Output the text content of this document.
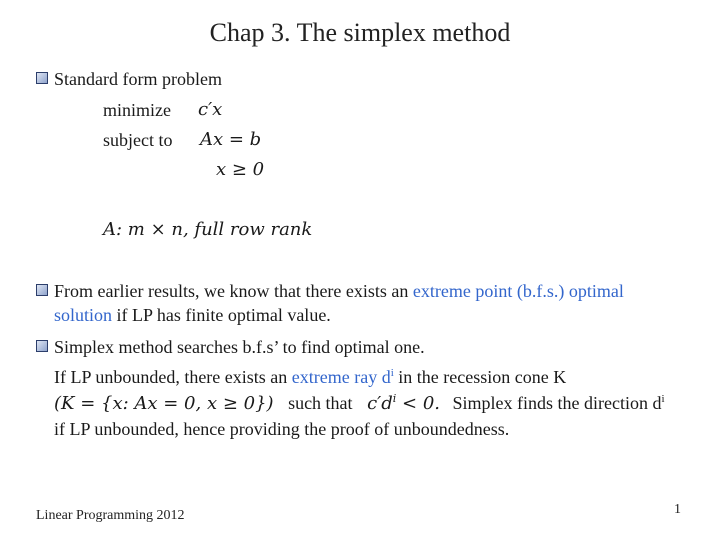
Chap 3. The simplex method
Standard form problem
minimize c′x
subject to Ax = b
x ≥ 0
A: m × n, full row rank
From earlier results, we know that there exists an extreme point (b.f.s.) optimal
solution if LP has finite optimal value.
Simplex method searches b.f.s’ to find optimal one.
If LP unbounded, there exists an extreme ray $d^i$ in the recession cone K
(K = {x: Ax = 0, x ≥ 0}) such that $c'd^i < 0$. Simplex finds the direction $d^i$
if LP unbounded, hence providing the proof of unboundedness.
Linear Programming 2012	1
